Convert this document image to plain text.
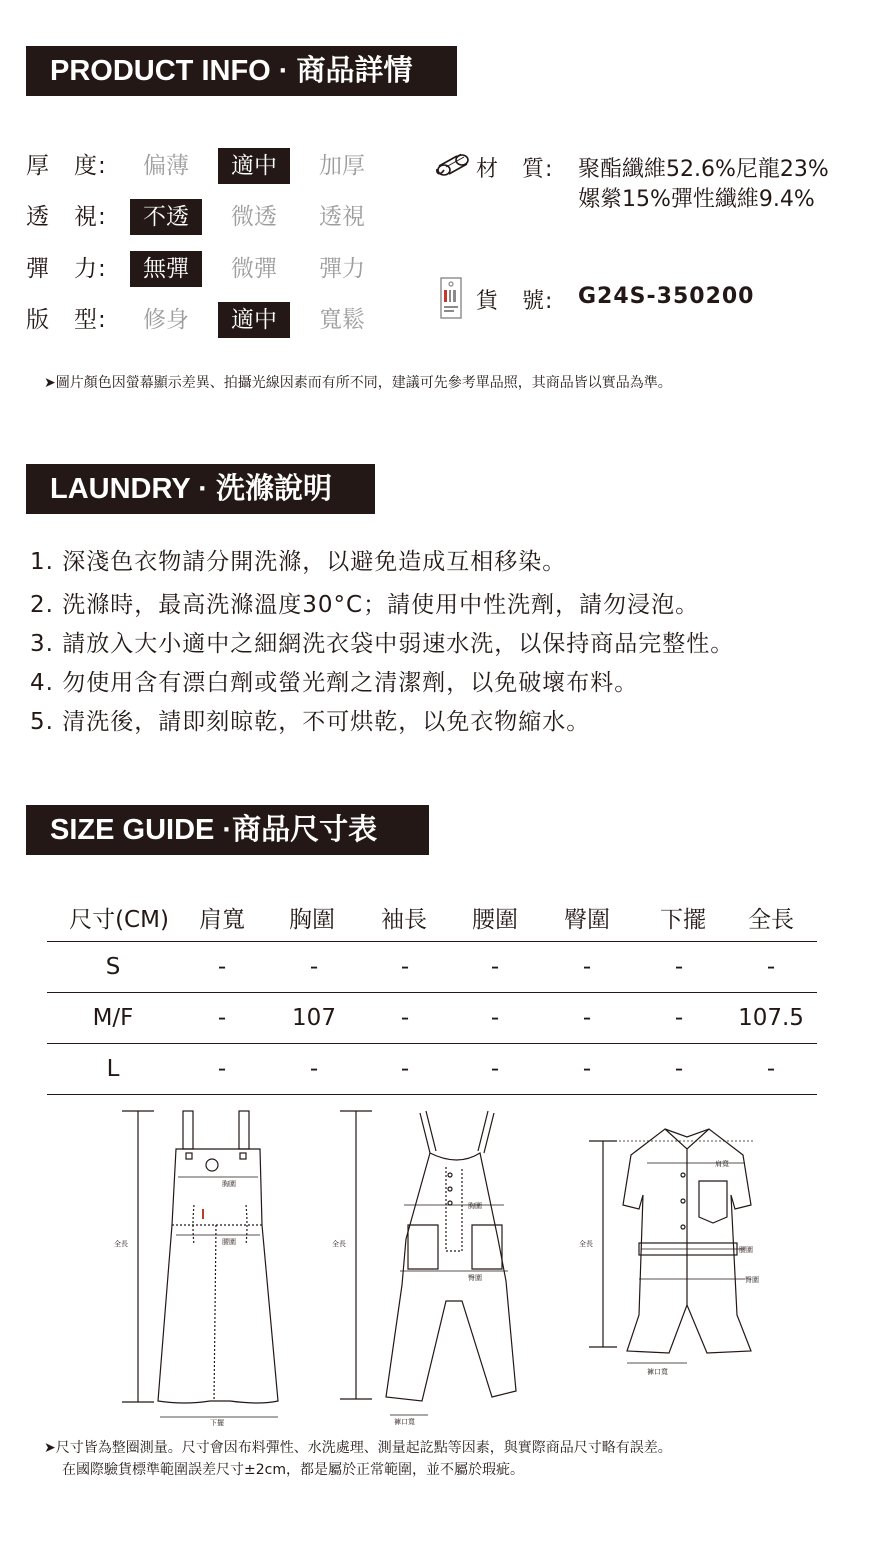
PRODUCT INFO · 商品詳情
厚　度:	偏薄	適中	加厚
透　視:	不透	微透	透視
彈　力:	無彈	微彈	彈力
版　型:	修身	適中	寬鬆
材　質: 聚酯纖維52.6%尼龍23%
嫘縈15%彈性纖維9.4%
貨　號: G24S-350200
➤圖片顏色因螢幕顯示差異、拍攝光線因素而有所不同，建議可先參考單品照，其商品皆以實品為準。
LAUNDRY · 洗滌說明
1. 深淺色衣物請分開洗滌，以避免造成互相移染。
2. 洗滌時，最高洗滌溫度30°C；請使用中性洗劑，請勿浸泡。
3. 請放入大小適中之細網洗衣袋中弱速水洗，以保持商品完整性。
4. 勿使用含有漂白劑或螢光劑之清潔劑，以免破壞布料。
5. 清洗後，請即刻晾乾，不可烘乾，以免衣物縮水。
SIZE GUIDE ·商品尺寸表
尺寸(CM)	肩寬	胸圍	袖長	腰圍	臀圍	下擺	全長
S	-	-	-	-	-	-	-
M/F	-	107	-	-	-	-	107.5
L	-	-	-	-	-	-	-
全長
胸圍
腰圍
下擺
全長
胸圍
臀圍
褲口寬
全長
肩寬
腰圍
臀圍
褲口寬
➤尺寸皆為整圈測量。尺寸會因布料彈性、水洗處理、測量起訖點等因素，與實際商品尺寸略有誤差。
在國際驗貨標準範圍誤差尺寸±2cm，都是屬於正常範圍，並不屬於瑕疵。
